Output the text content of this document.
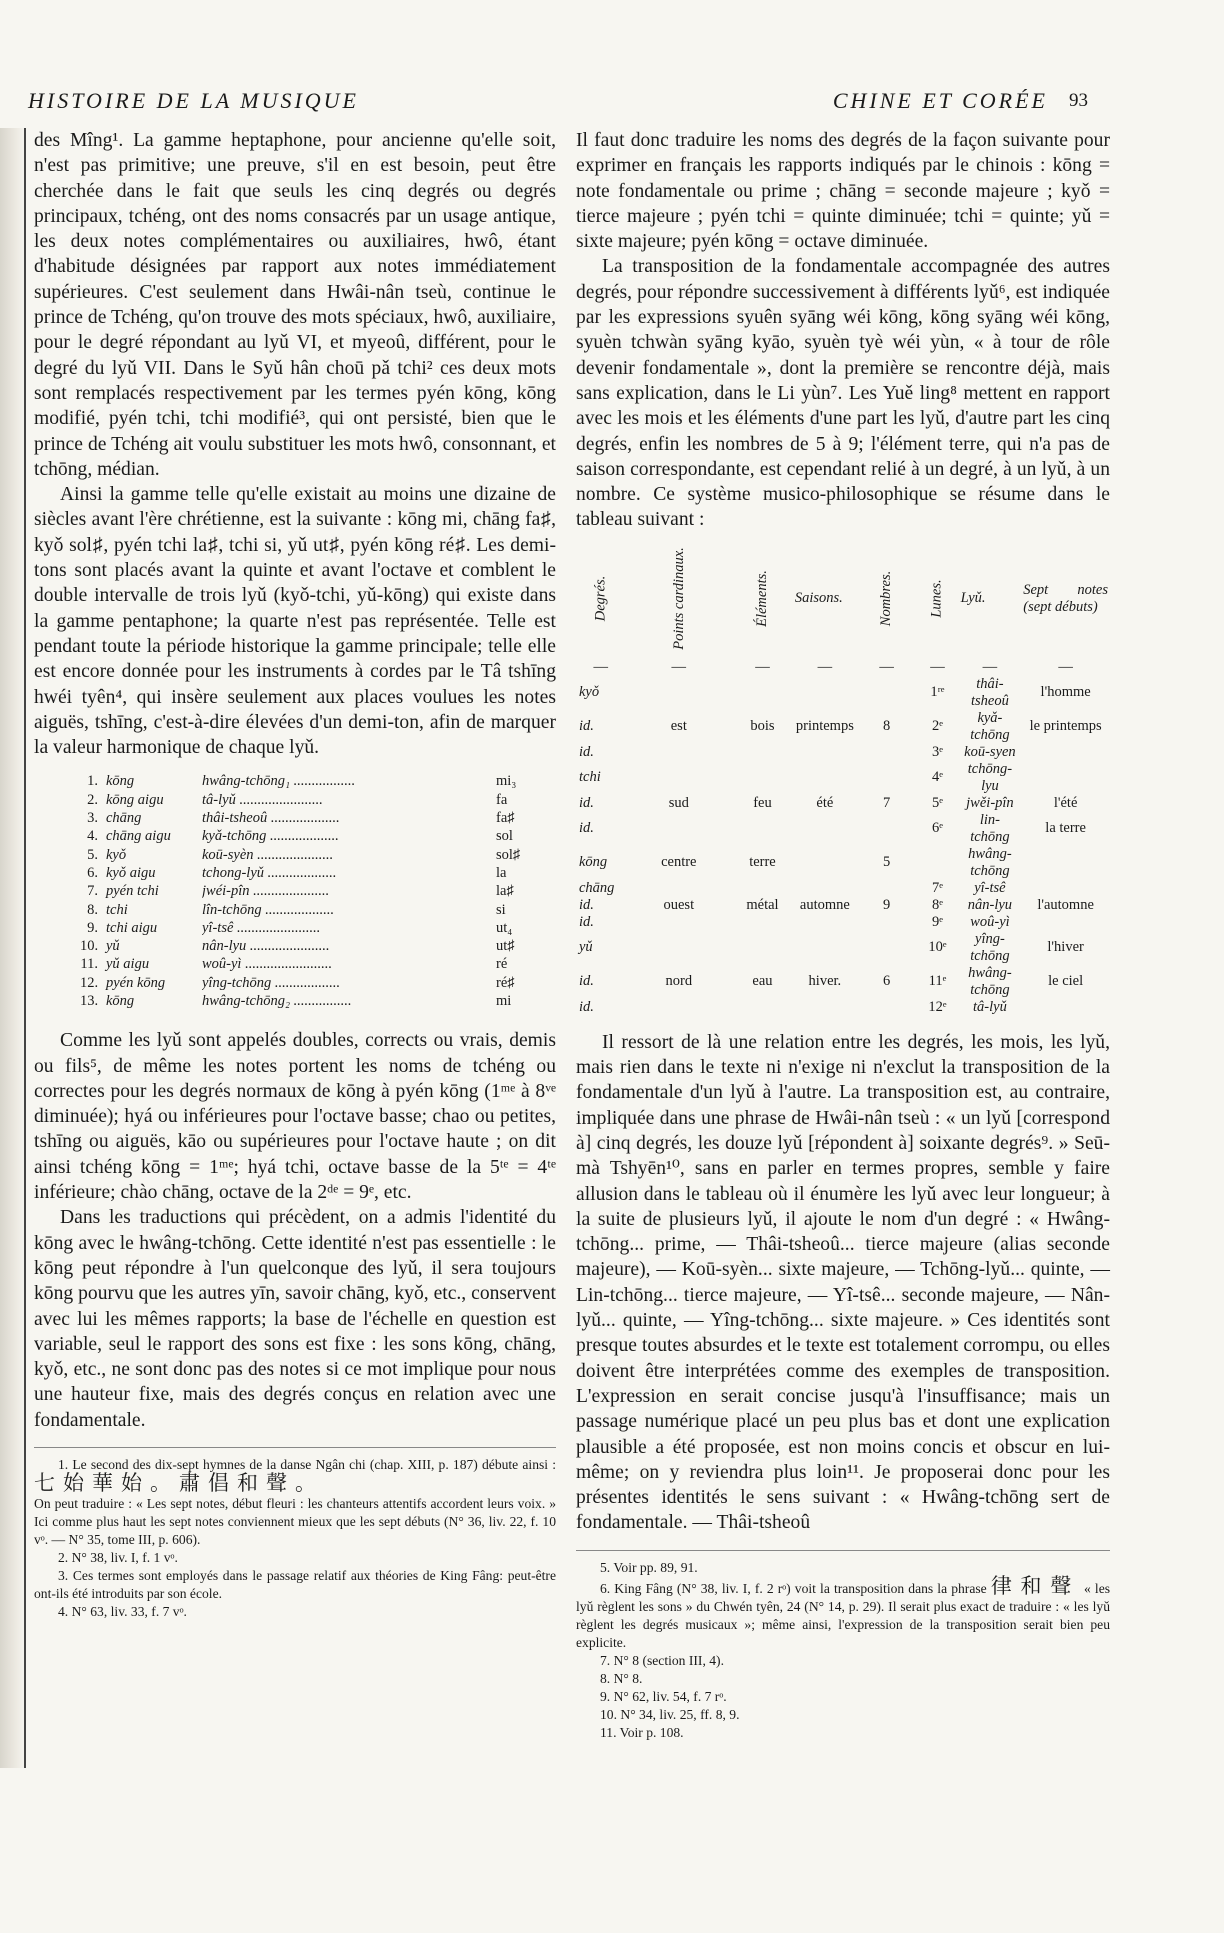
HISTOIRE DE LA MUSIQUE	CHINE ET CORÉE 93

des Mîng¹. La gamme heptaphone, pour ancienne qu'elle soit, n'est pas primitive; une preuve, s'il en est besoin, peut être cherchée dans le fait que seuls les cinq degrés ou degrés principaux, tchéng, ont des noms consacrés par un usage antique, les deux notes complémentaires ou auxiliaires, hwô, étant d'habitude désignées par rapport aux notes immédiatement supérieures. C'est seulement dans Hwâi-nân tseù, continue le prince de Tchéng, qu'on trouve des mots spéciaux, hwô, auxiliaire, pour le degré répondant au lyǔ VI, et myeoû, différent, pour le degré du lyǔ VII. Dans le Syǔ hân choū pǎ tchi² ces deux mots sont remplacés respectivement par les termes pyén kōng, kōng modifié, pyén tchi, tchi modifié³, qui ont persisté, bien que le prince de Tchéng ait voulu substituer les mots hwô, consonnant, et tchōng, médian.

Ainsi la gamme telle qu'elle existait au moins une dizaine de siècles avant l'ère chrétienne, est la suivante : kōng mi, chāng fa♯, kyǒ sol♯, pyén tchi la♯, tchi si, yǔ ut♯, pyén kōng ré♯. Les demi-tons sont placés avant la quinte et avant l'octave et comblent le double intervalle de trois lyǔ (kyǒ-tchi, yǔ-kōng) qui existe dans la gamme pentaphone; la quarte n'est pas représentée. Telle est pendant toute la période historique la gamme principale; telle elle est encore donnée pour les instruments à cordes par le Tâ tshīng hwéi tyên⁴, qui insère seulement aux places voulues les notes aiguës, tshīng, c'est-à-dire élevées d'un demi-ton, afin de marquer la valeur harmonique de chaque lyǔ.

1. kōng	hwâng-tchōng₁ .................	mi₃
2. kōng aigu	tâ-lyǔ .......................	fa
3. chāng	thâi-tsheoû ...................	fa♯
4. chāng aigu	kyǎ-tchōng ...................	sol
5. kyǒ	koū-syèn .....................	sol♯
6. kyǒ aigu	tchong-lyǔ ...................	la
7. pyén tchi	jwéi-pîn .....................	la♯
8. tchi	lîn-tchōng ...................	si
9. tchi aigu	yî-tsê .......................	ut₄
10. yǔ	nân-lyu ......................	ut♯
11. yǔ aigu	woû-yì ........................	ré
12. pyén kōng	yîng-tchōng ..................	ré♯
13. kōng	hwâng-tchōng₂ ................	mi

Comme les lyǔ sont appelés doubles, corrects ou vrais, demis ou fils⁵, de même les notes portent les noms de tchéng ou correctes pour les degrés normaux de kōng à pyén kōng (1ᵐᵉ à 8ᵛᵉ diminuée); hyá ou inférieures pour l'octave basse; chao ou petites, tshīng ou aiguës, kāo ou supérieures pour l'octave haute ; on dit ainsi tchéng kōng = 1ᵐᵉ; hyá tchi, octave basse de la 5ᵗᵉ = 4ᵗᵉ inférieure; chào chāng, octave de la 2ᵈᵉ = 9ᵉ, etc.

Dans les traductions qui précèdent, on a admis l'identité du kōng avec le hwâng-tchōng. Cette identité n'est pas essentielle : le kōng peut répondre à l'un quelconque des lyǔ, il sera toujours kōng pourvu que les autres yīn, savoir chāng, kyǒ, etc., conservent avec lui les mêmes rapports; la base de l'échelle en question est variable, seul le rapport des sons est fixe : les sons kōng, chāng, kyǒ, etc., ne sont donc pas des notes si ce mot implique pour nous une hauteur fixe, mais des degrés conçus en relation avec une fondamentale.

1. Le second des dix-sept hymnes de la danse Ngân chi (chap. XIII, p. 187) débute ainsi : 七始華始。肅倡和聲。

On peut traduire : « Les sept notes, début fleuri : les chanteurs attentifs accordent leurs voix. » Ici comme plus haut les sept notes conviennent mieux que les sept débuts (N° 36, liv. 22, f. 10 vᵒ. — N° 35, tome III, p. 606).

2. N° 38, liv. I, f. 1 vᵒ.

3. Ces termes sont employés dans le passage relatif aux théories de King Fâng: peut-être ont-ils été introduits par son école.

4. N° 63, liv. 33, f. 7 vᵒ.

Il faut donc traduire les noms des degrés de la façon suivante pour exprimer en français les rapports indiqués par le chinois : kōng = note fondamentale ou prime ; chāng = seconde majeure ; kyǒ = tierce majeure ; pyén tchi = quinte diminuée; tchi = quinte; yǔ = sixte majeure; pyén kōng = octave diminuée.

La transposition de la fondamentale accompagnée des autres degrés, pour répondre successivement à différents lyǔ⁶, est indiquée par les expressions syuên syāng wéi kōng, kōng syāng wéi kōng, syuèn tchwàn syāng kyāo, syuèn tyè wéi yùn, « à tour de rôle devenir fondamentale », dont la première se rencontre déjà, mais sans explication, dans le Li yùn⁷. Les Yuě ling⁸ mettent en rapport avec les mois et les éléments d'une part les lyǔ, d'autre part les cinq degrés, enfin les nombres de 5 à 9; l'élément terre, qui n'a pas de saison correspondante, est cependant relié à un degré, à un lyǔ, à un nombre. Ce système musico-philosophique se résume dans le tableau suivant :

Degrés.	Points cardinaux.	Éléments.	Saisons.	Nombres.	Lunes.	Lyǔ.	Sept notes (sept débuts)
—	—	—	—	—	—	—	—
kyǒ					1ʳᵉ	thâi-tsheoû	l'homme
id.	est	bois	printemps	8	2ᵉ	kyǎ-tchōng	le printemps
id.					3ᵉ	koū-syen	
tchi					4ᵉ	tchōng-lyu	
id.	sud	feu	été	7	5ᵉ	jwěi-pîn	l'été
id.					6ᵉ	lin-tchōng	la terre
kōng	centre	terre		5		hwâng-tchōng	
chāng					7ᵉ	yî-tsê	
id.	ouest	métal	automne	9	8ᵉ	nân-lyu	l'automne
id.					9ᵉ	woû-yì	
yǔ					10ᵉ	yîng-tchōng	l'hiver
id.	nord	eau	hiver.	6	11ᵉ	hwâng-tchōng	le ciel
id.					12ᵉ	tâ-lyǔ	

Il ressort de là une relation entre les degrés, les mois, les lyǔ, mais rien dans le texte ni n'exige ni n'exclut la transposition de la fondamentale d'un lyǔ à l'autre. La transposition est, au contraire, impliquée dans une phrase de Hwâi-nân tseù : « un lyǔ [correspond à] cinq degrés, les douze lyǔ [répondent à] soixante degrés⁹. » Seū-mà Tshyēn¹⁰, sans en parler en termes propres, semble y faire allusion dans le tableau où il énumère les lyǔ avec leur longueur; à la suite de plusieurs lyǔ, il ajoute le nom d'un degré : « Hwâng-tchōng... prime, — Thâi-tsheoû... tierce majeure (alias seconde majeure), — Koū-syèn... sixte majeure, — Tchōng-lyǔ... quinte, — Lin-tchōng... tierce majeure, — Yî-tsê... seconde majeure, — Nân-lyǔ... quinte, — Yîng-tchōng... sixte majeure. » Ces identités sont presque toutes absurdes et le texte est totalement corrompu, ou elles doivent être interprétées comme des exemples de transposition. L'expression en serait concise jusqu'à l'insuffisance; mais un passage numérique placé un peu plus bas et dont une explication plausible a été proposée, est non moins concis et obscur en lui-même; on y reviendra plus loin¹¹. Je proposerai donc pour les présentes identités le sens suivant : « Hwâng-tchōng sert de fondamentale. — Thâi-tsheoû

5. Voir pp. 89, 91.

6. King Fâng (N° 38, liv. I, f. 2 rᵒ) voit la transposition dans la phrase 律和聲 « les lyǔ règlent les sons » du Chwén tyên, 24 (N° 14, p. 29). Il serait plus exact de traduire : « les lyǔ règlent les degrés musicaux »; même ainsi, l'expression de la transposition serait bien peu explicite.

7. N° 8 (section III, 4).

8. N° 8.

9. N° 62, liv. 54, f. 7 rᵒ.

10. N° 34, liv. 25, ff. 8, 9.

11. Voir p. 108.
